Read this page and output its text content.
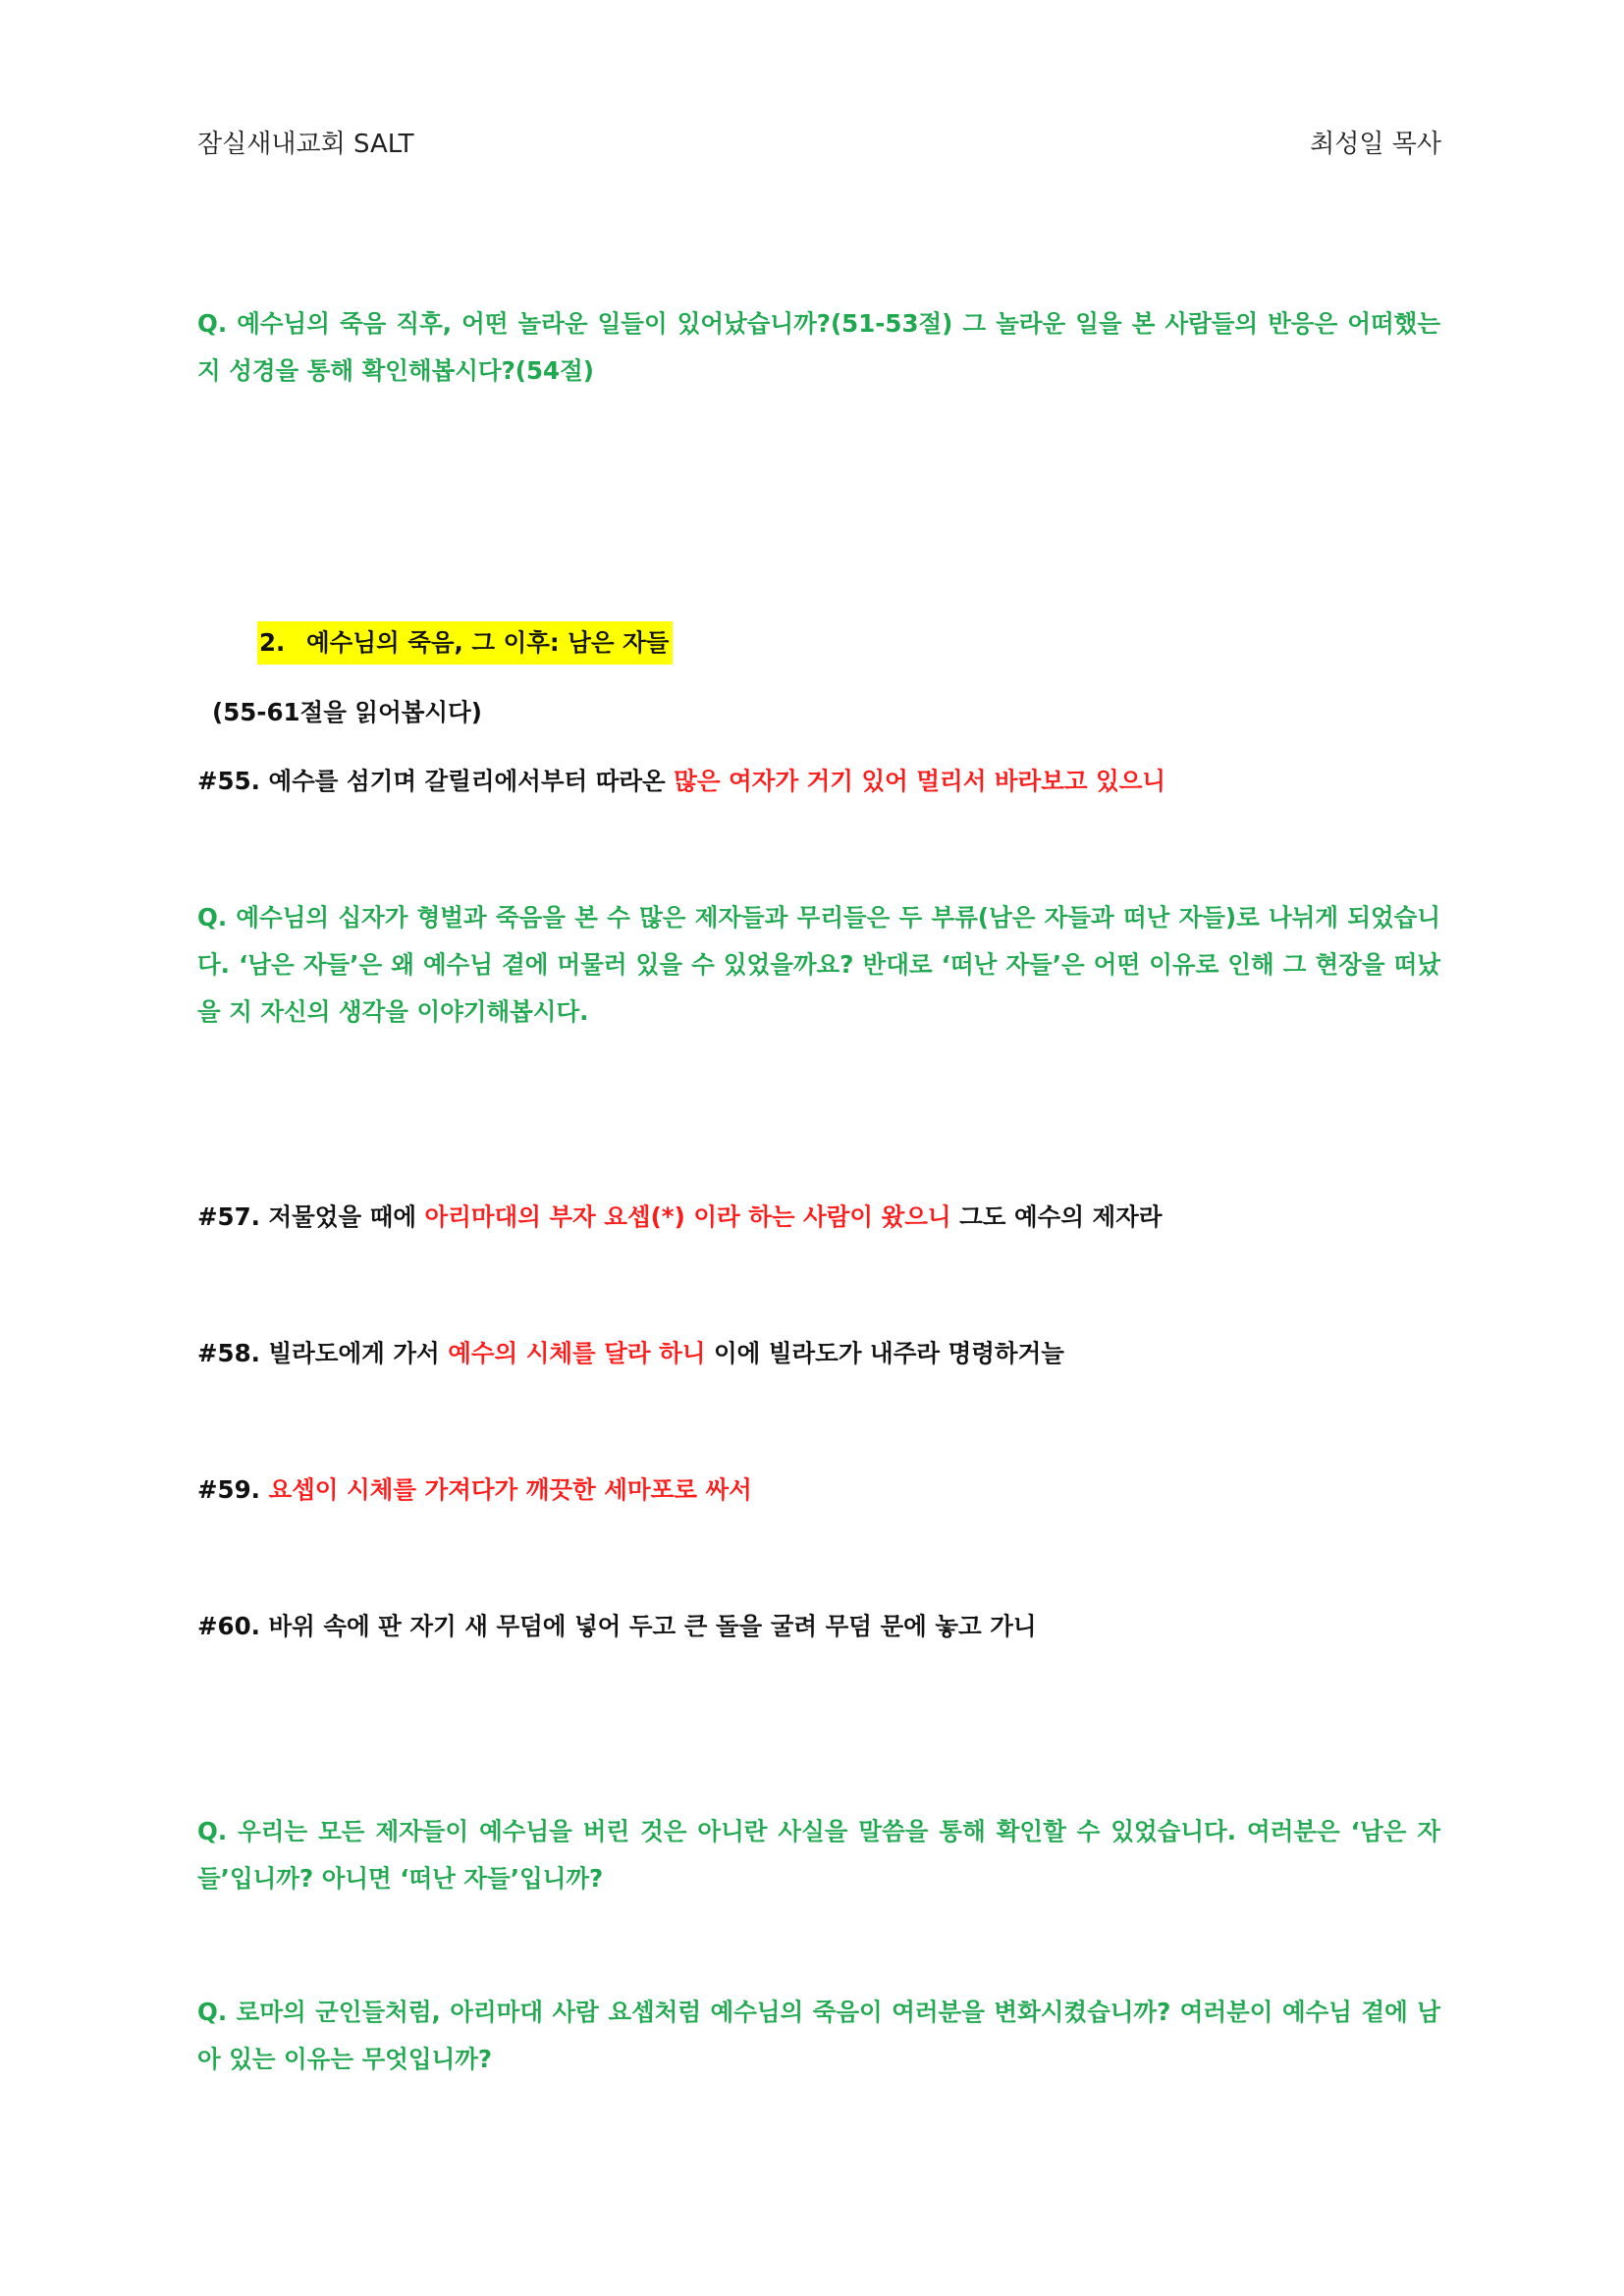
잠실새내교회 SALT	최성일 목사
Q. 예수님의 죽음 직후, 어떤 놀라운 일들이 있어났습니까?(51-53절) 그 놀라운 일을 본 사람들의 반응은 어떠했는지 성경을 통해 확인해봅시다?(54절)
2. 예수님의 죽음, 그 이후: 남은 자들
(55-61절을 읽어봅시다)
#55. 예수를 섬기며 갈릴리에서부터 따라온 많은 여자가 거기 있어 멀리서 바라보고 있으니
Q. 예수님의 십자가 형벌과 죽음을 본 수 많은 제자들과 무리들은 두 부류(남은 자들과 떠난 자들)로 나뉘게 되었습니다. ‘남은 자들’은 왜 예수님 곁에 머물러 있을 수 있었을까요? 반대로 ‘떠난 자들’은 어떤 이유로 인해 그 현장을 떠났을 지 자신의 생각을 이야기해봅시다.
#57. 저물었을 때에 아리마대의 부자 요셉(*) 이라 하는 사람이 왔으니 그도 예수의 제자라
#58. 빌라도에게 가서 예수의 시체를 달라 하니 이에 빌라도가 내주라 명령하거늘
#59. 요셉이 시체를 가져다가 깨끗한 세마포로 싸서
#60. 바위 속에 판 자기 새 무덤에 넣어 두고 큰 돌을 굴려 무덤 문에 놓고 가니
Q. 우리는 모든 제자들이 예수님을 버린 것은 아니란 사실을 말씀을 통해 확인할 수 있었습니다. 여러분은 ‘남은 자들’입니까? 아니면 ‘떠난 자들’입니까?
Q. 로마의 군인들처럼, 아리마대 사람 요셉처럼 예수님의 죽음이 여러분을 변화시켰습니까? 여러분이 예수님 곁에 남아 있는 이유는 무엇입니까?
